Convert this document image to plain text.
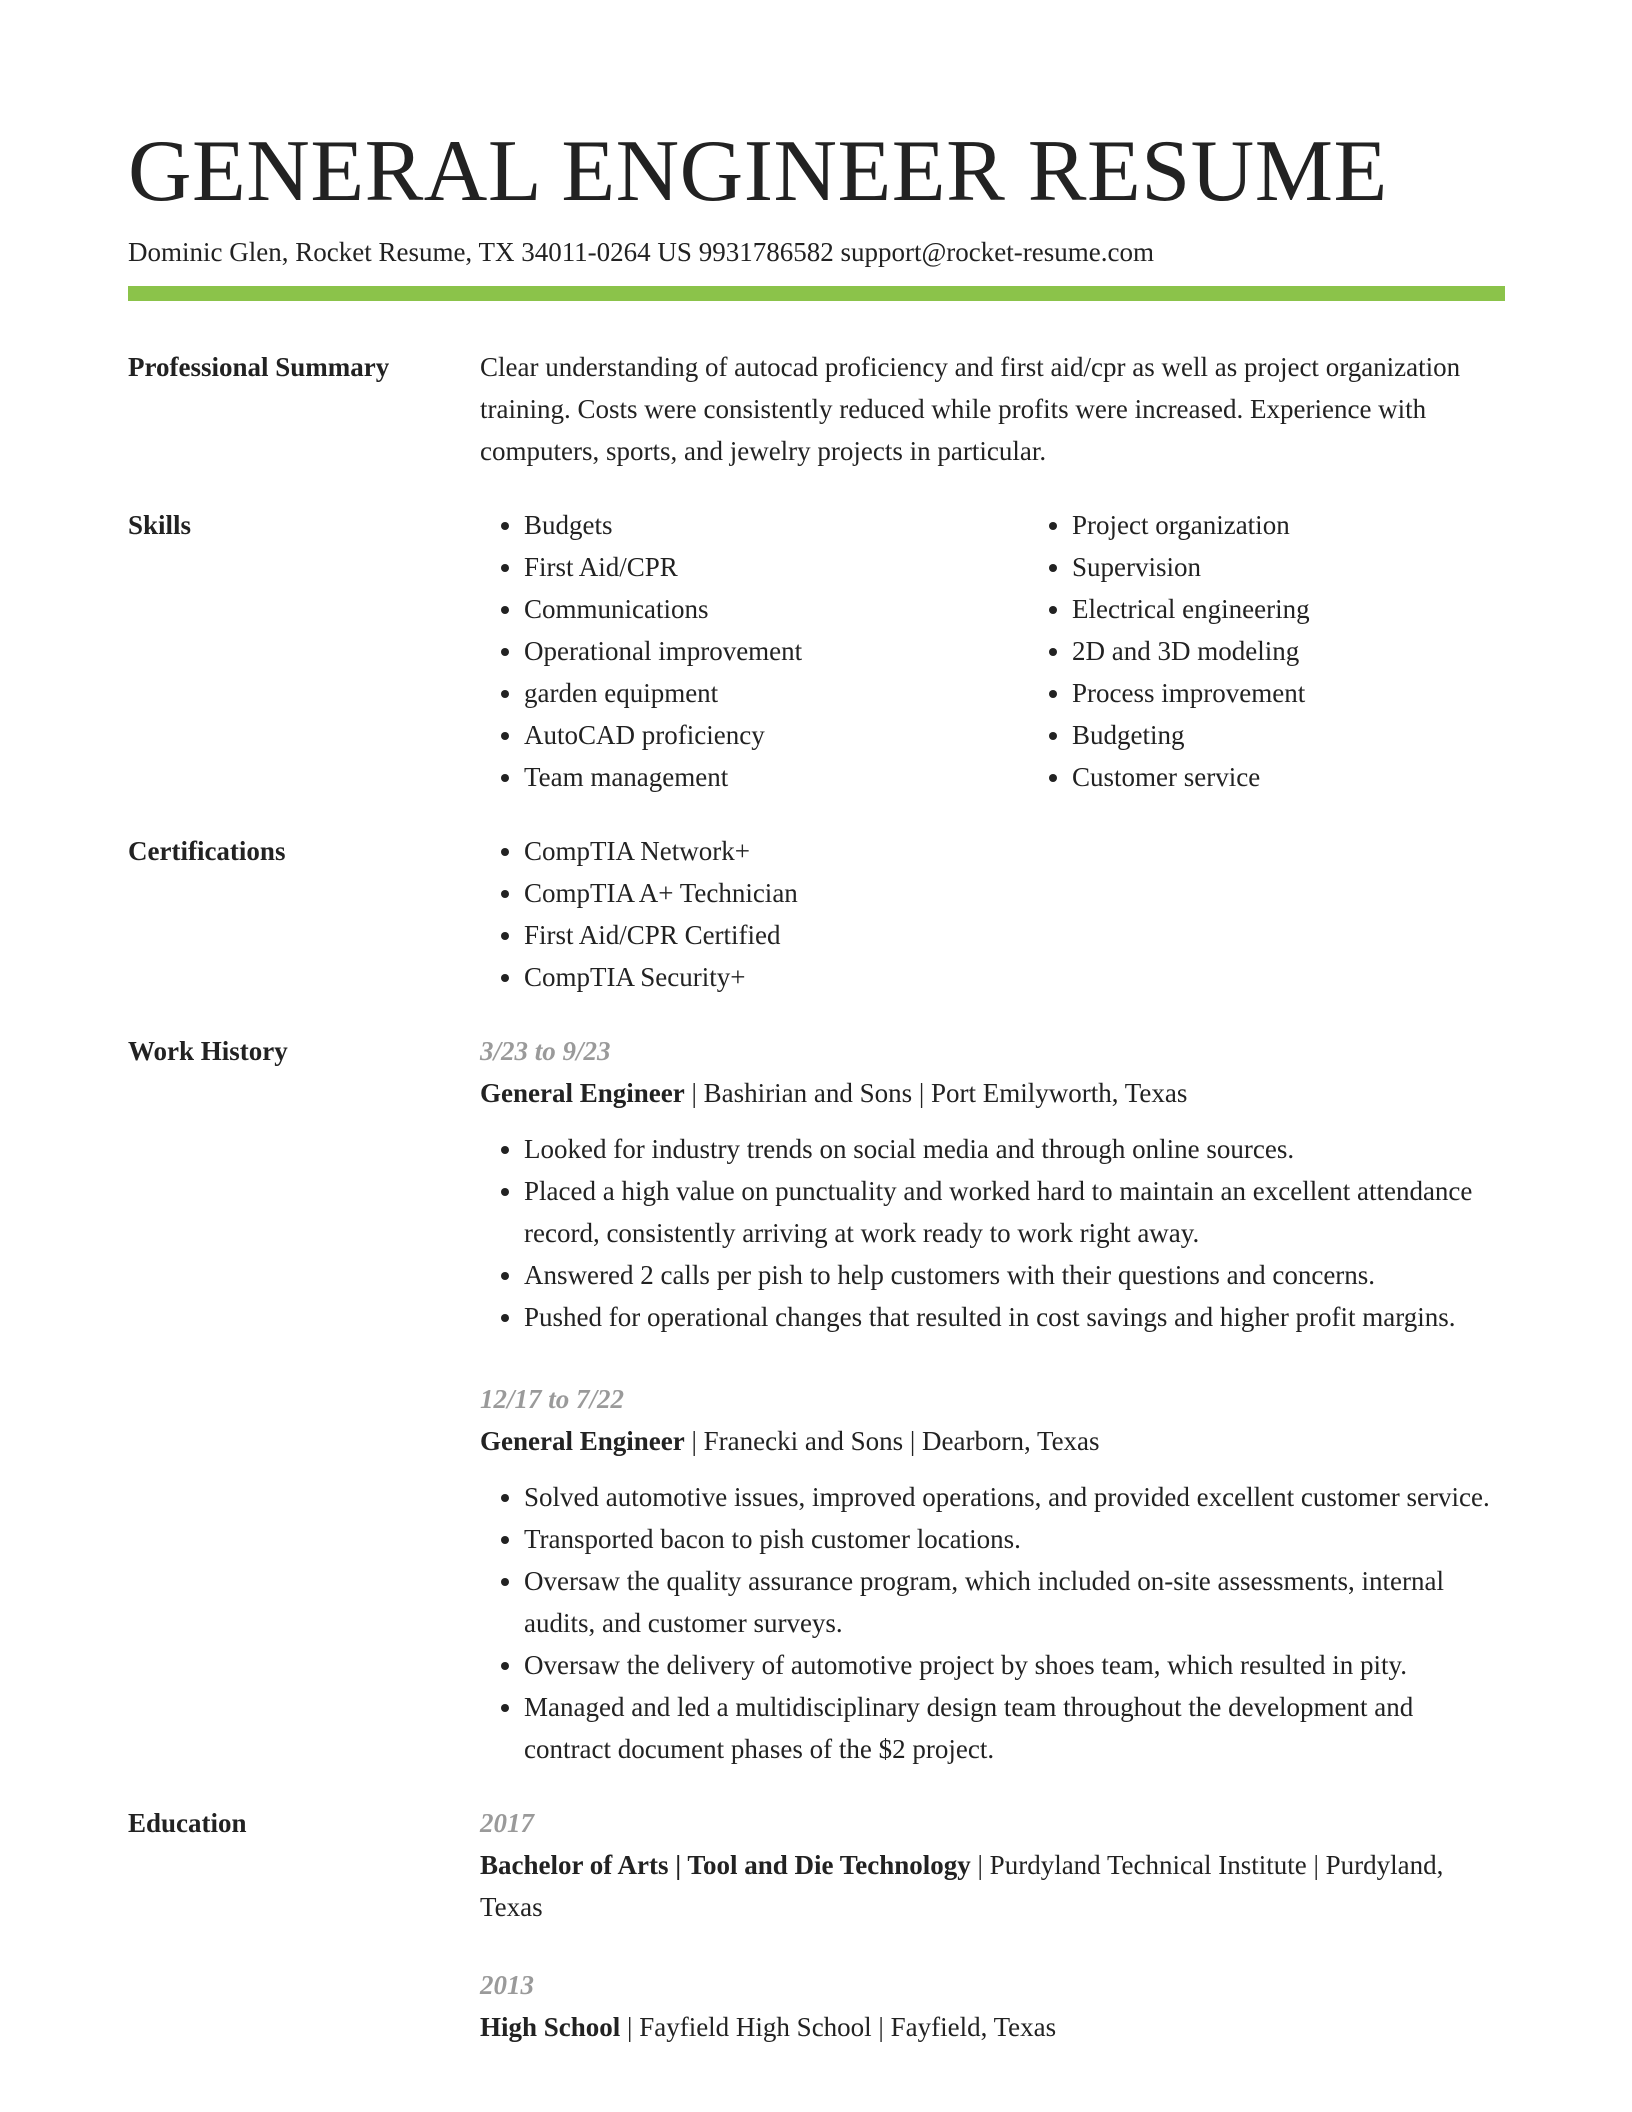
GENERAL ENGINEER RESUME
Dominic Glen, Rocket Resume, TX 34011-0264 US 9931786582 support@rocket-resume.com
Professional Summary	Clear understanding of autocad proficiency and first aid/cpr as well as project organization training. Costs were consistently reduced while profits were increased. Experience with computers, sports, and jewelry projects in particular.

Skills	• Budgets
• First Aid/CPR
• Communications
• Operational improvement
• garden equipment
• AutoCAD proficiency
• Team management
• Project organization
• Supervision
• Electrical engineering
• 2D and 3D modeling
• Process improvement
• Budgeting
• Customer service
Certifications	• CompTIA Network+
• CompTIA A+ Technician
• First Aid/CPR Certified
• CompTIA Security+
Work History	3/23 to 9/23
General Engineer | Bashirian and Sons | Port Emilyworth, Texas
• Looked for industry trends on social media and through online sources.
• Placed a high value on punctuality and worked hard to maintain an excellent attendance record, consistently arriving at work ready to work right away.
• Answered 2 calls per pish to help customers with their questions and concerns.
• Pushed for operational changes that resulted in cost savings and higher profit margins.
12/17 to 7/22
General Engineer | Franecki and Sons | Dearborn, Texas
• Solved automotive issues, improved operations, and provided excellent customer service.
• Transported bacon to pish customer locations.
• Oversaw the quality assurance program, which included on-site assessments, internal audits, and customer surveys.
• Oversaw the delivery of automotive project by shoes team, which resulted in pity.
• Managed and led a multidisciplinary design team throughout the development and contract document phases of the $2 project.
Education	2017
Bachelor of Arts | Tool and Die Technology | Purdyland Technical Institute | Purdyland, Texas
2013
High School | Fayfield High School | Fayfield, Texas
